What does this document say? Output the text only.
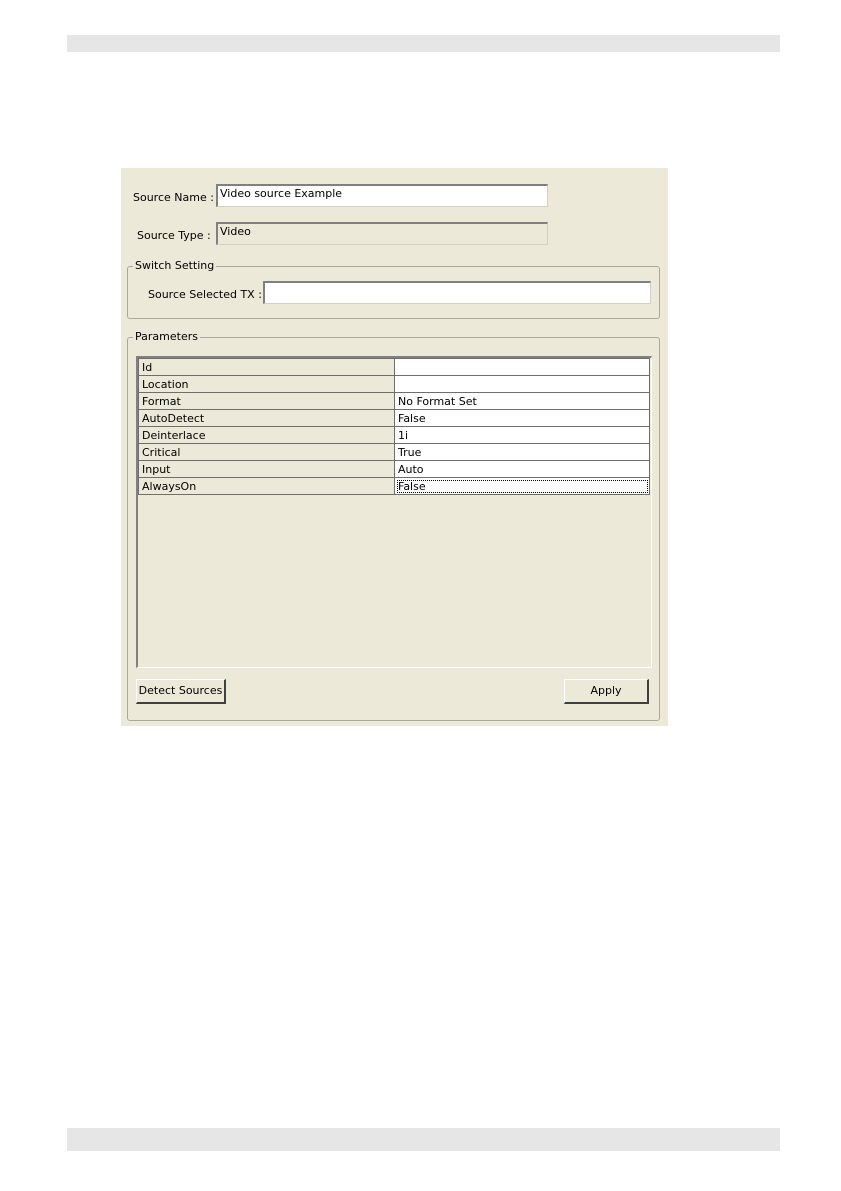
Source Name : Video source Example
Source Type : Video
Switch Setting
Source Selected TX :
Parameters
Id	
Location	
Format	No Format Set
AutoDetect	False
Deinterlace	1i
Critical	True
Input	Auto
AlwaysOn	False
Detect Sources	Apply
